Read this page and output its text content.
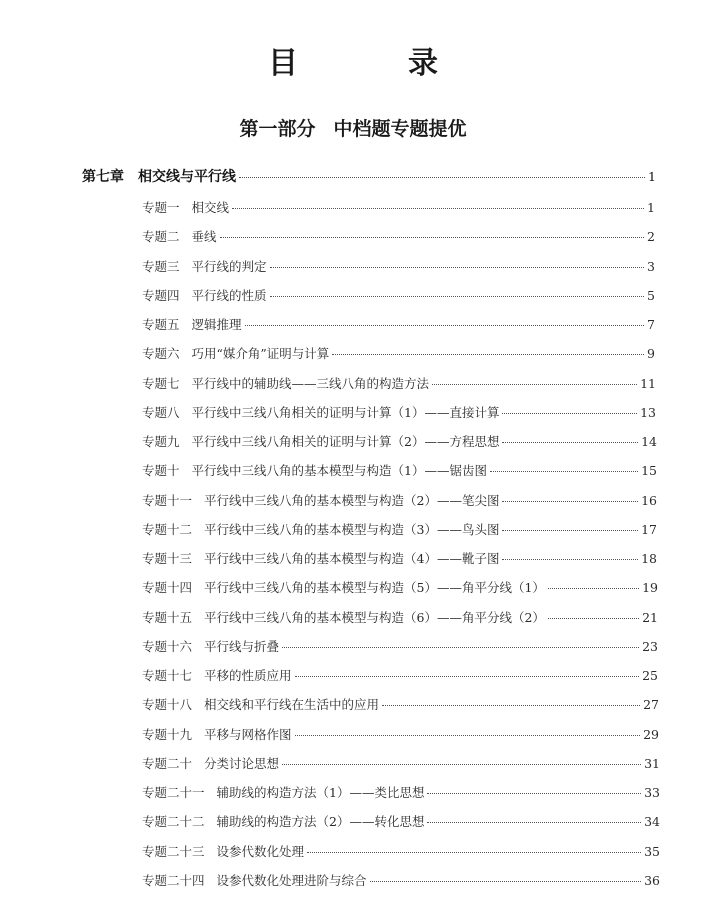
目　录
第一部分 中档题专题提优
第七章 相交线与平行线	1
专题一 相交线	1
专题二 垂线	2
专题三 平行线的判定	3
专题四 平行线的性质	5
专题五 逻辑推理	7
专题六 巧用“媒介角”证明与计算	9
专题七 平行线中的辅助线——三线八角的构造方法	11
专题八 平行线中三线八角相关的证明与计算（1）——直接计算	13
专题九 平行线中三线八角相关的证明与计算（2）——方程思想	14
专题十 平行线中三线八角的基本模型与构造（1）——锯齿图	15
专题十一 平行线中三线八角的基本模型与构造（2）——笔尖图	16
专题十二 平行线中三线八角的基本模型与构造（3）——鸟头图	17
专题十三 平行线中三线八角的基本模型与构造（4）——靴子图	18
专题十四 平行线中三线八角的基本模型与构造（5）——角平分线（1）	19
专题十五 平行线中三线八角的基本模型与构造（6）——角平分线（2）	21
专题十六 平行线与折叠	23
专题十七 平移的性质应用	25
专题十八 相交线和平行线在生活中的应用	27
专题十九 平移与网格作图	29
专题二十 分类讨论思想	31
专题二十一 辅助线的构造方法（1）——类比思想	33
专题二十二 辅助线的构造方法（2）——转化思想	34
专题二十三 设参代数化处理	35
专题二十四 设参代数化处理进阶与综合	36
